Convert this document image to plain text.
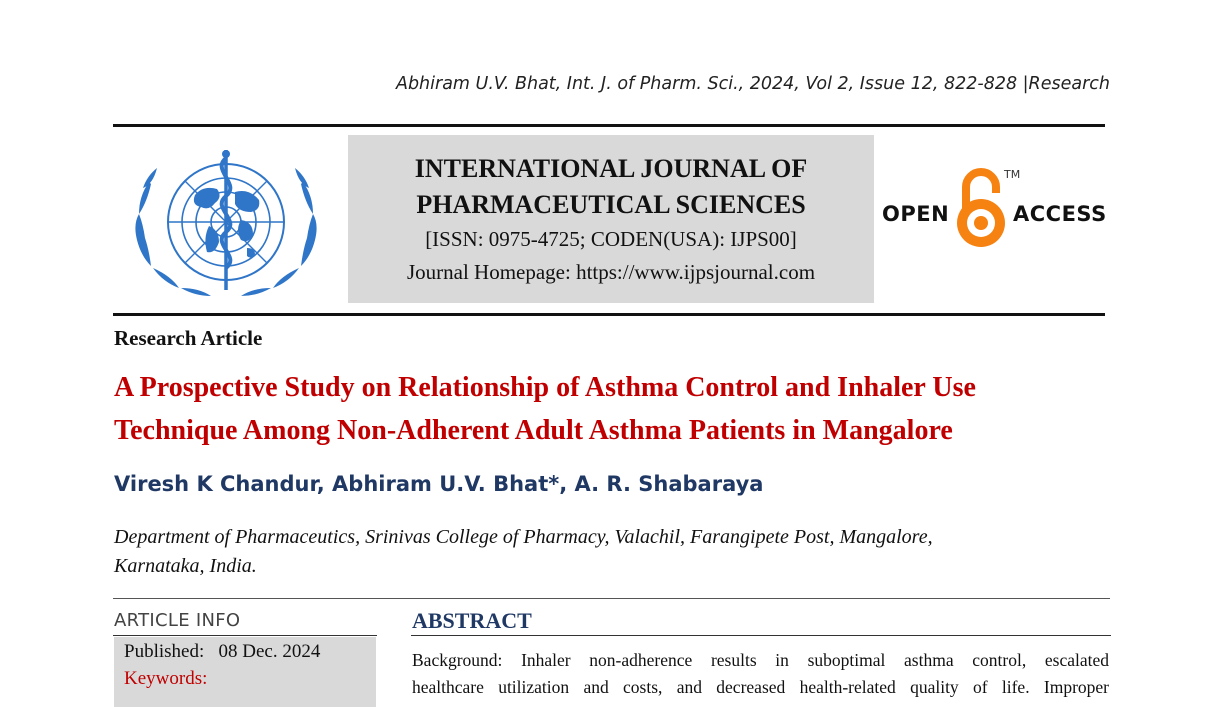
Abhiram U.V. Bhat, Int. J. of Pharm. Sci., 2024, Vol 2, Issue 12, 822-828 |Research
INTERNATIONAL JOURNAL OF
PHARMACEUTICAL SCIENCES
[ISSN: 0975-4725; CODEN(USA): IJPS00]
Journal Homepage: https://www.ijpsjournal.com
OPEN
TM
ACCESS
Research Article
A Prospective Study on Relationship of Asthma Control and Inhaler Use
Technique Among Non-Adherent Adult Asthma Patients in Mangalore
Viresh K Chandur, Abhiram U.V. Bhat*, A. R. Shabaraya
Department of Pharmaceutics, Srinivas College of Pharmacy, Valachil, Farangipete Post, Mangalore,
Karnataka, India.
ARTICLE INFO
Published:   08 Dec. 2024
Keywords:
ABSTRACT
Background: Inhaler non-adherence results in suboptimal asthma control, escalated
healthcare utilization and costs, and decreased health-related quality of life. Improper
